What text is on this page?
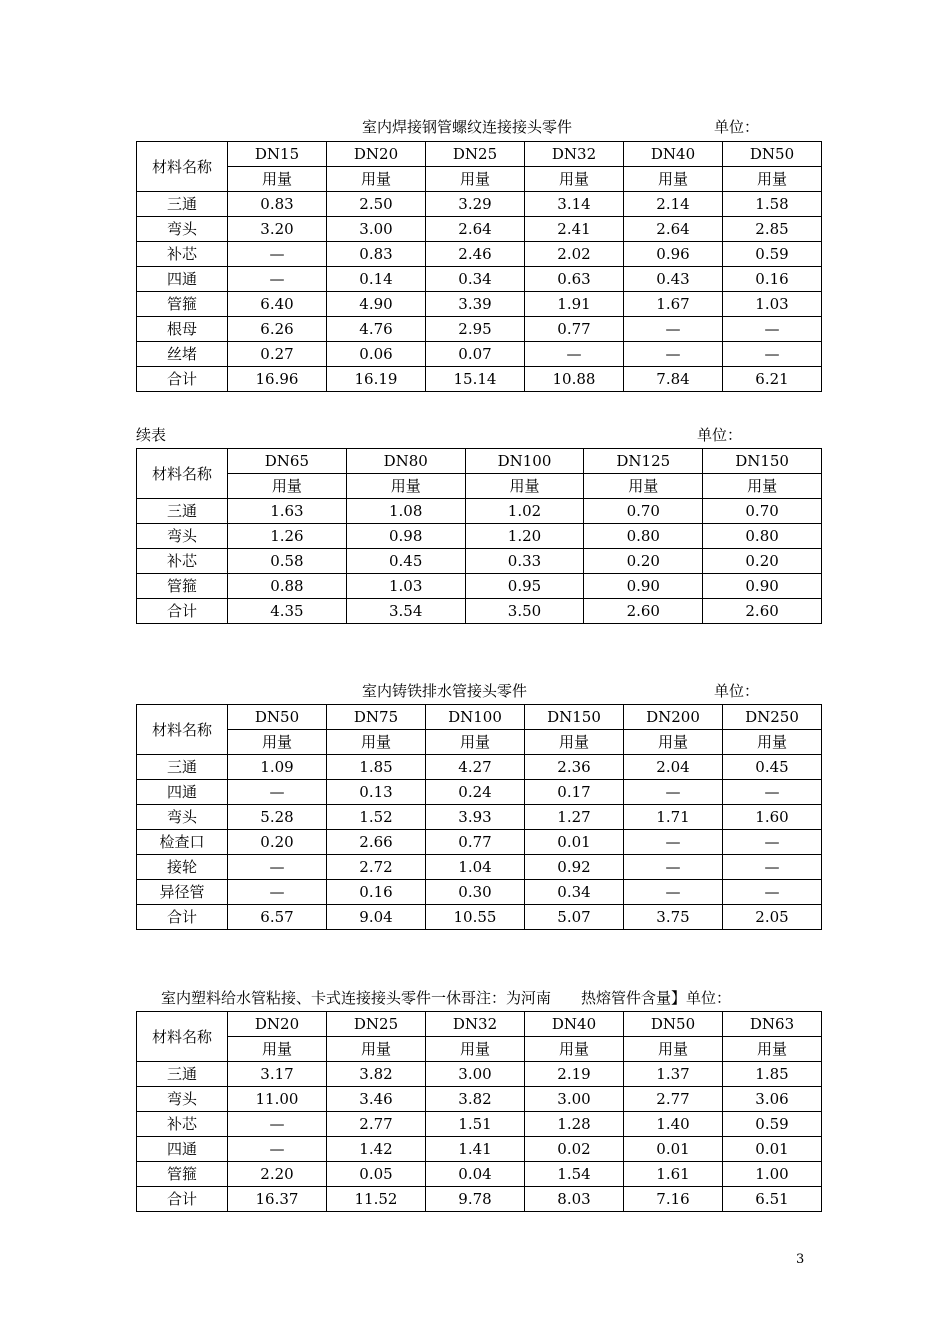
室内焊接钢管螺纹连接接头零件	单位：
材料名称	DN15	DN20	DN25	DN32	DN40	DN50
	用量	用量	用量	用量	用量	用量
三通	0.83	2.50	3.29	3.14	2.14	1.58
弯头	3.20	3.00	2.64	2.41	2.64	2.85
补芯	—	0.83	2.46	2.02	0.96	0.59
四通	—	0.14	0.34	0.63	0.43	0.16
管箍	6.40	4.90	3.39	1.91	1.67	1.03
根母	6.26	4.76	2.95	0.77	—	—
丝堵	0.27	0.06	0.07	—	—	—
合计	16.96	16.19	15.14	10.88	7.84	6.21
续表	单位：
材料名称	DN65	DN80	DN100	DN125	DN150
	用量	用量	用量	用量	用量
三通	1.63	1.08	1.02	0.70	0.70
弯头	1.26	0.98	1.20	0.80	0.80
补芯	0.58	0.45	0.33	0.20	0.20
管箍	0.88	1.03	0.95	0.90	0.90
合计	4.35	3.54	3.50	2.60	2.60
室内铸铁排水管接头零件	单位：
材料名称	DN50	DN75	DN100	DN150	DN200	DN250
	用量	用量	用量	用量	用量	用量
三通	1.09	1.85	4.27	2.36	2.04	0.45
四通	—	0.13	0.24	0.17	—	—
弯头	5.28	1.52	3.93	1.27	1.71	1.60
检查口	0.20	2.66	0.77	0.01	—	—
接轮	—	2.72	1.04	0.92	—	—
异径管	—	0.16	0.30	0.34	—	—
合计	6.57	9.04	10.55	5.07	3.75	2.05
室内塑料给水管粘接、卡式连接接头零件一休哥注：为河南　　热熔管件含量】单位：
材料名称	DN20	DN25	DN32	DN40	DN50	DN63
	用量	用量	用量	用量	用量	用量
三通	3.17	3.82	3.00	2.19	1.37	1.85
弯头	11.00	3.46	3.82	3.00	2.77	3.06
补芯	—	2.77	1.51	1.28	1.40	0.59
四通	—	1.42	1.41	0.02	0.01	0.01
管箍	2.20	0.05	0.04	1.54	1.61	1.00
合计	16.37	11.52	9.78	8.03	7.16	6.51
3
